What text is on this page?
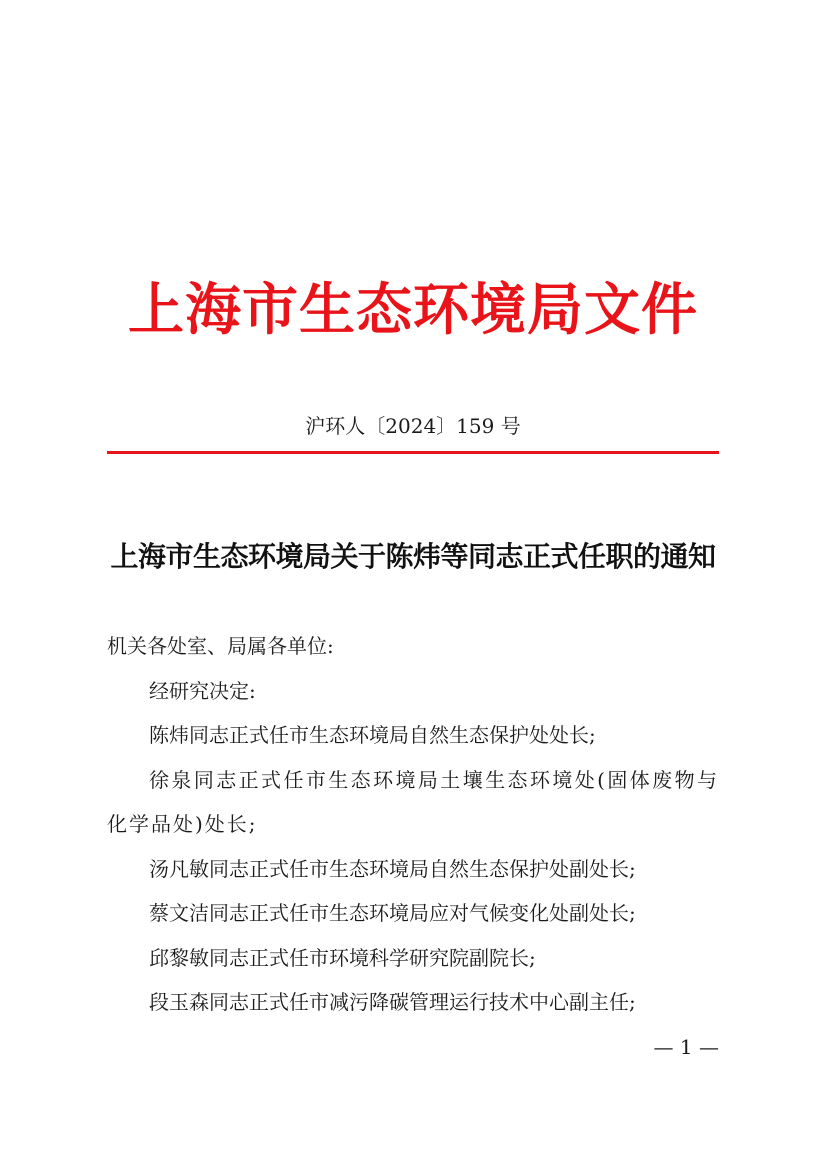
上海市生态环境局文件
沪环人〔2024〕159 号
上海市生态环境局关于陈炜等同志正式任职的通知

机关各处室、局属各单位:

经研究决定:

陈炜同志正式任市生态环境局自然生态保护处处长;

徐泉同志正式任市生态环境局土壤生态环境处(固体废物与化学品处)处长;

汤凡敏同志正式任市生态环境局自然生态保护处副处长;

蔡文洁同志正式任市生态环境局应对气候变化处副处长;

邱黎敏同志正式任市环境科学研究院副院长;

段玉森同志正式任市减污降碳管理运行技术中心副主任;

— 1 —
